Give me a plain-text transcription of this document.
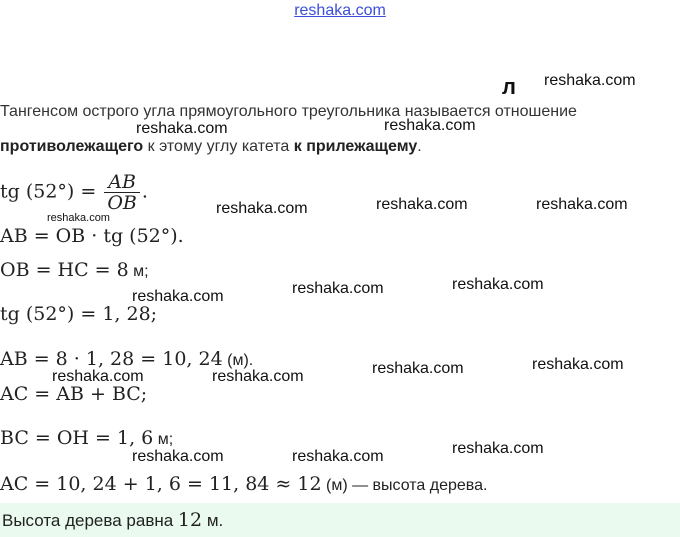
reshaka.com
л reshaka.com
reshaka.com	reshaka.com
reshaka.com	reshaka.com	reshaka.com
reshaka.com
reshaka.com	reshaka.com	reshaka.com
reshaka.com	reshaka.com	reshaka.com	reshaka.com
reshaka.com
reshaka.com	reshaka.com
Тангенсом острого угла прямоугольного треугольника называется отношение
противолежащего к этому углу катета к прилежащему.
tg $(52^\circ) = \frac{AB}{OB}$ .
AB = OB · tg (52°).
OB = HC = 8 м;
tg (52°) = 1, 28;
AB = 8 · 1, 28 = 10, 24 (м).
AC = AB + BC;
BC = OH = 1, 6 м;
AC = 10, 24 + 1, 6 = 11, 84 ≈ 12 (м) — высота дерева.
Высота дерева равна 12 м.
